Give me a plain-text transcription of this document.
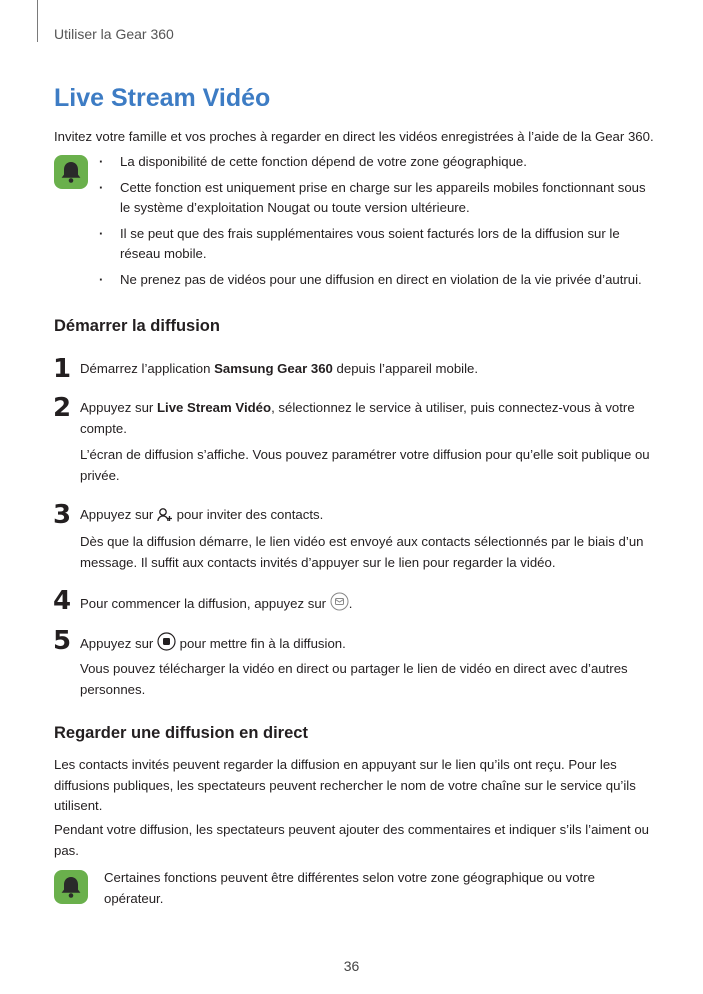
Utiliser la Gear 360
Live Stream Vidéo

Invitez votre famille et vos proches à regarder en direct les vidéos enregistrées à l’aide de la Gear 360.

· La disponibilité de cette fonction dépend de votre zone géographique.
· Cette fonction est uniquement prise en charge sur les appareils mobiles fonctionnant sous le système d’exploitation Nougat ou toute version ultérieure.
· Il se peut que des frais supplémentaires vous soient facturés lors de la diffusion sur le réseau mobile.
· Ne prenez pas de vidéos pour une diffusion en direct en violation de la vie privée d’autrui.
Démarrer la diffusion
1 Démarrez l’application Samsung Gear 360 depuis l’appareil mobile.

2 Appuyez sur Live Stream Vidéo, sélectionnez le service à utiliser, puis connectez-vous à votre compte.

L’écran de diffusion s’affiche. Vous pouvez paramétrer votre diffusion pour qu’elle soit publique ou privée.

3 Appuyez sur  pour inviter des contacts.

Dès que la diffusion démarre, le lien vidéo est envoyé aux contacts sélectionnés par le biais d’un message. Il suffit aux contacts invités d’appuyer sur le lien pour regarder la vidéo.

4 Pour commencer la diffusion, appuyez sur .

5 Appuyez sur  pour mettre fin à la diffusion.

Vous pouvez télécharger la vidéo en direct ou partager le lien de vidéo en direct avec d’autres personnes.

Regarder une diffusion en direct

Les contacts invités peuvent regarder la diffusion en appuyant sur le lien qu’ils ont reçu. Pour les diffusions publiques, les spectateurs peuvent rechercher le nom de votre chaîne sur le service qu’ils utilisent.

Pendant votre diffusion, les spectateurs peuvent ajouter des commentaires et indiquer s’ils l’aiment ou pas.

Certaines fonctions peuvent être différentes selon votre zone géographique ou votre opérateur.

36
